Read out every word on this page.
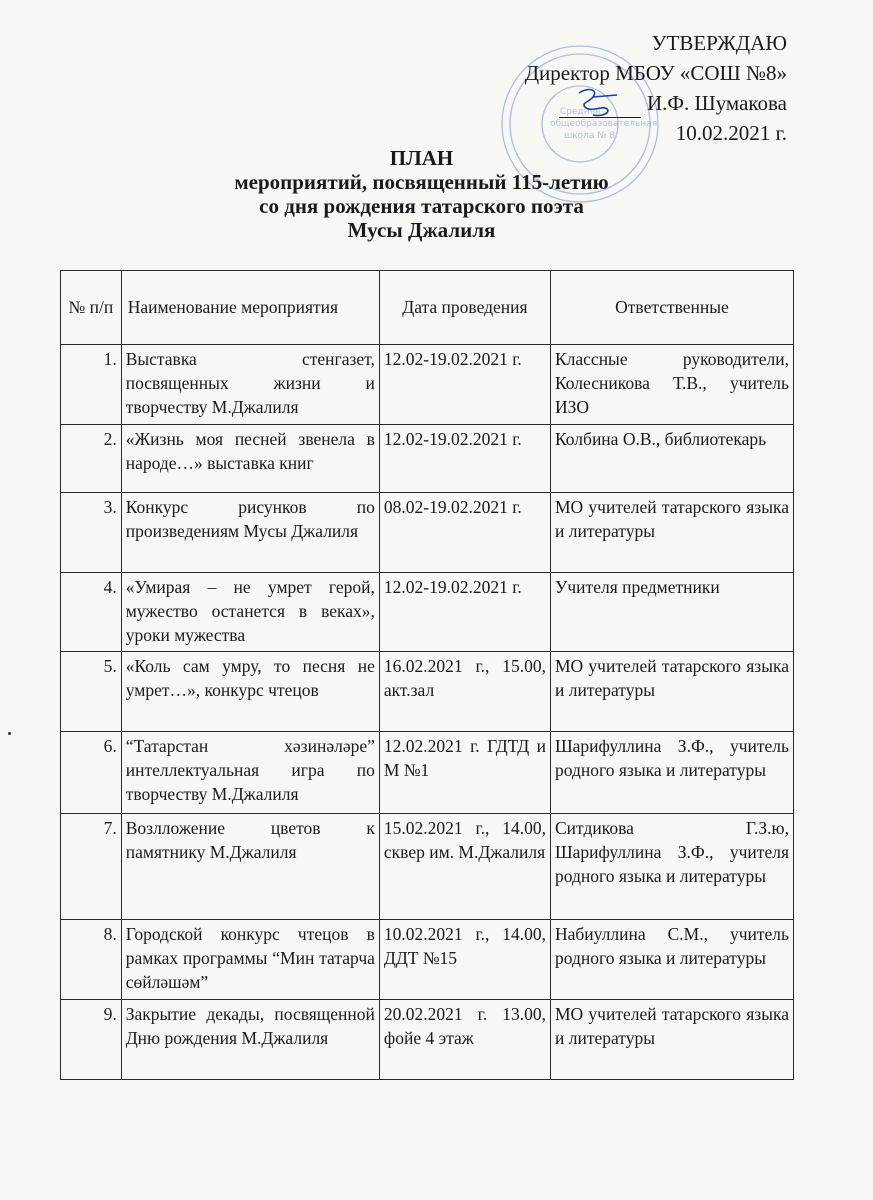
Средняя
общеобразовательная
школа № 8
УТВЕРЖДАЮ
Директор МБОУ «СОШ №8»
И.Ф. Шумакова
10.02.2021 г.
ПЛАН
мероприятий, посвященный 115-летию
со дня рождения татарского поэта
Мусы Джалиля
№ п/п	Наименование мероприятия	Дата проведения	Ответственные
1.	Выставка стенгазет, посвященных жизни и творчеству М.Джалиля	12.02-19.02.2021 г.	Классные руководители, Колесникова Т.В., учитель ИЗО
2.	«Жизнь моя песней звенела в народе…» выставка книг	12.02-19.02.2021 г.	Колбина О.В., библиотекарь
3.	Конкурс рисунков по произведениям Мусы Джалиля	08.02-19.02.2021 г.	МО учителей татарского языка и литературы
4.	«Умирая – не умрет герой, мужество останется в веках», уроки мужества	12.02-19.02.2021 г.	Учителя предметники
5.	«Коль сам умру, то песня не умрет…», конкурс чтецов	16.02.2021 г., 15.00, акт.зал	МО учителей татарского языка и литературы
6.	“Татарстан хәзинәләре” интеллектуальная игра по творчеству М.Джалиля	12.02.2021 г. ГДТД и М №1	Шарифуллина З.Ф., учитель родного языка и литературы
7.	Возлложение цветов к памятнику М.Джалиля	15.02.2021 г., 14.00, сквер им. М.Джалиля	Ситдикова Г.З.ю, Шарифуллина З.Ф., учителя родного языка и литературы
8.	Городской конкурс чтецов в рамках программы “Мин татарча сөйләшәм”	10.02.2021 г., 14.00, ДДТ №15	Набиуллина С.М., учитель родного языка и литературы
9.	Закрытие декады, посвященной Дню рождения М.Джалиля	20.02.2021 г. 13.00, фойе 4 этаж	МО учителей татарского языка и литературы
